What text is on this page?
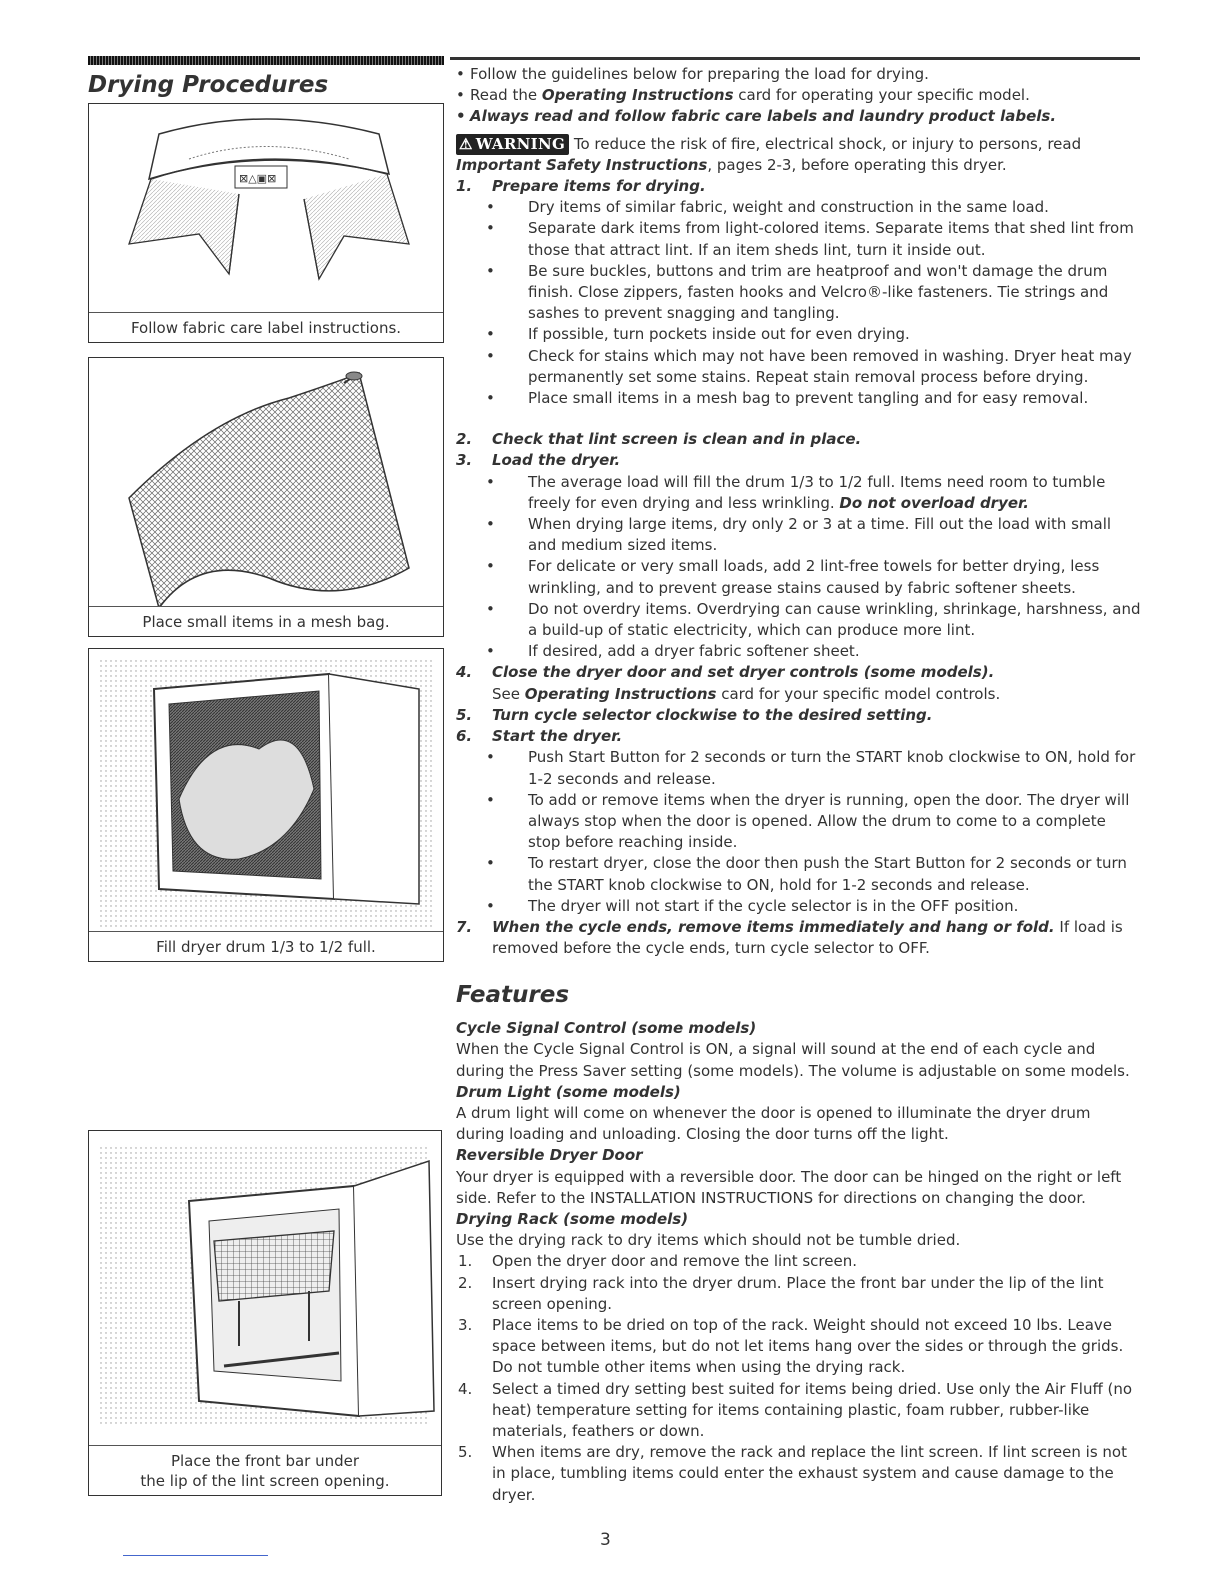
Drying Procedures
⊠△▣⊠
Follow fabric care label instructions.
Place small items in a mesh bag.
Fill dryer drum 1/3 to 1/2 full.
Place the front bar under
the lip of the lint screen opening.
• Follow the guidelines below for preparing the load for drying.
• Read the Operating Instructions card for operating your specific model.
• Always read and follow fabric care labels and laundry product labels.

⚠ WARNING To reduce the risk of fire, electrical shock, or injury to persons, read Important Safety Instructions, pages 2-3, before operating this dryer.

1. Prepare items for drying.
• Dry items of similar fabric, weight and construction in the same load.
• Separate dark items from light-colored items. Separate items that shed lint from those that attract lint. If an item sheds lint, turn it inside out.
• Be sure buckles, buttons and trim are heatproof and won't damage the drum finish. Close zippers, fasten hooks and Velcro®-like fasteners. Tie strings and sashes to prevent snagging and tangling.
• If possible, turn pockets inside out for even drying.
• Check for stains which may not have been removed in washing. Dryer heat may permanently set some stains. Repeat stain removal process before drying.
• Place small items in a mesh bag to prevent tangling and for easy removal.
2. Check that lint screen is clean and in place.
3. Load the dryer.
• The average load will fill the drum 1/3 to 1/2 full. Items need room to tumble freely for even drying and less wrinkling. Do not overload dryer.
• When drying large items, dry only 2 or 3 at a time. Fill out the load with small and medium sized items.
• For delicate or very small loads, add 2 lint-free towels for better drying, less wrinkling, and to prevent grease stains caused by fabric softener sheets.
• Do not overdry items. Overdrying can cause wrinkling, shrinkage, harshness, and a build-up of static electricity, which can produce more lint.
• If desired, add a dryer fabric softener sheet.
4. Close the dryer door and set dryer controls (some models).

See Operating Instructions card for your specific model controls.

5. Turn cycle selector clockwise to the desired setting.
6. Start the dryer.
• Push Start Button for 2 seconds or turn the START knob clockwise to ON, hold for 1-2 seconds and release.
• To add or remove items when the dryer is running, open the door. The dryer will always stop when the door is opened. Allow the drum to come to a complete stop before reaching inside.
• To restart dryer, close the door then push the Start Button for 2 seconds or turn the START knob clockwise to ON, hold for 1-2 seconds and release.
• The dryer will not start if the cycle selector is in the OFF position.

7. When the cycle ends, remove items immediately and hang or fold. If load is removed before the cycle ends, turn cycle selector to OFF.

Features
Cycle Signal Control (some models)

When the Cycle Signal Control is ON, a signal will sound at the end of each cycle and during the Press Saver setting (some models). The volume is adjustable on some models.

Drum Light (some models)

A drum light will come on whenever the door is opened to illuminate the dryer drum during loading and unloading. Closing the door turns off the light.

Reversible Dryer Door

Your dryer is equipped with a reversible door. The door can be hinged on the right or left side. Refer to the INSTALLATION INSTRUCTIONS for directions on changing the door.

Drying Rack (some models)

Use the drying rack to dry items which should not be tumble dried.

1. Open the dryer door and remove the lint screen.
2. Insert drying rack into the dryer drum. Place the front bar under the lip of the lint screen opening.
3. Place items to be dried on top of the rack. Weight should not exceed 10 lbs. Leave space between items, but do not let items hang over the sides or through the grids. Do not tumble other items when using the drying rack.
4. Select a timed dry setting best suited for items being dried. Use only the Air Fluff (no heat) temperature setting for items containing plastic, foam rubber, rubber-like materials, feathers or down.
5. When items are dry, remove the rack and replace the lint screen. If lint screen is not in place, tumbling items could enter the exhaust system and cause damage to the dryer.
3
